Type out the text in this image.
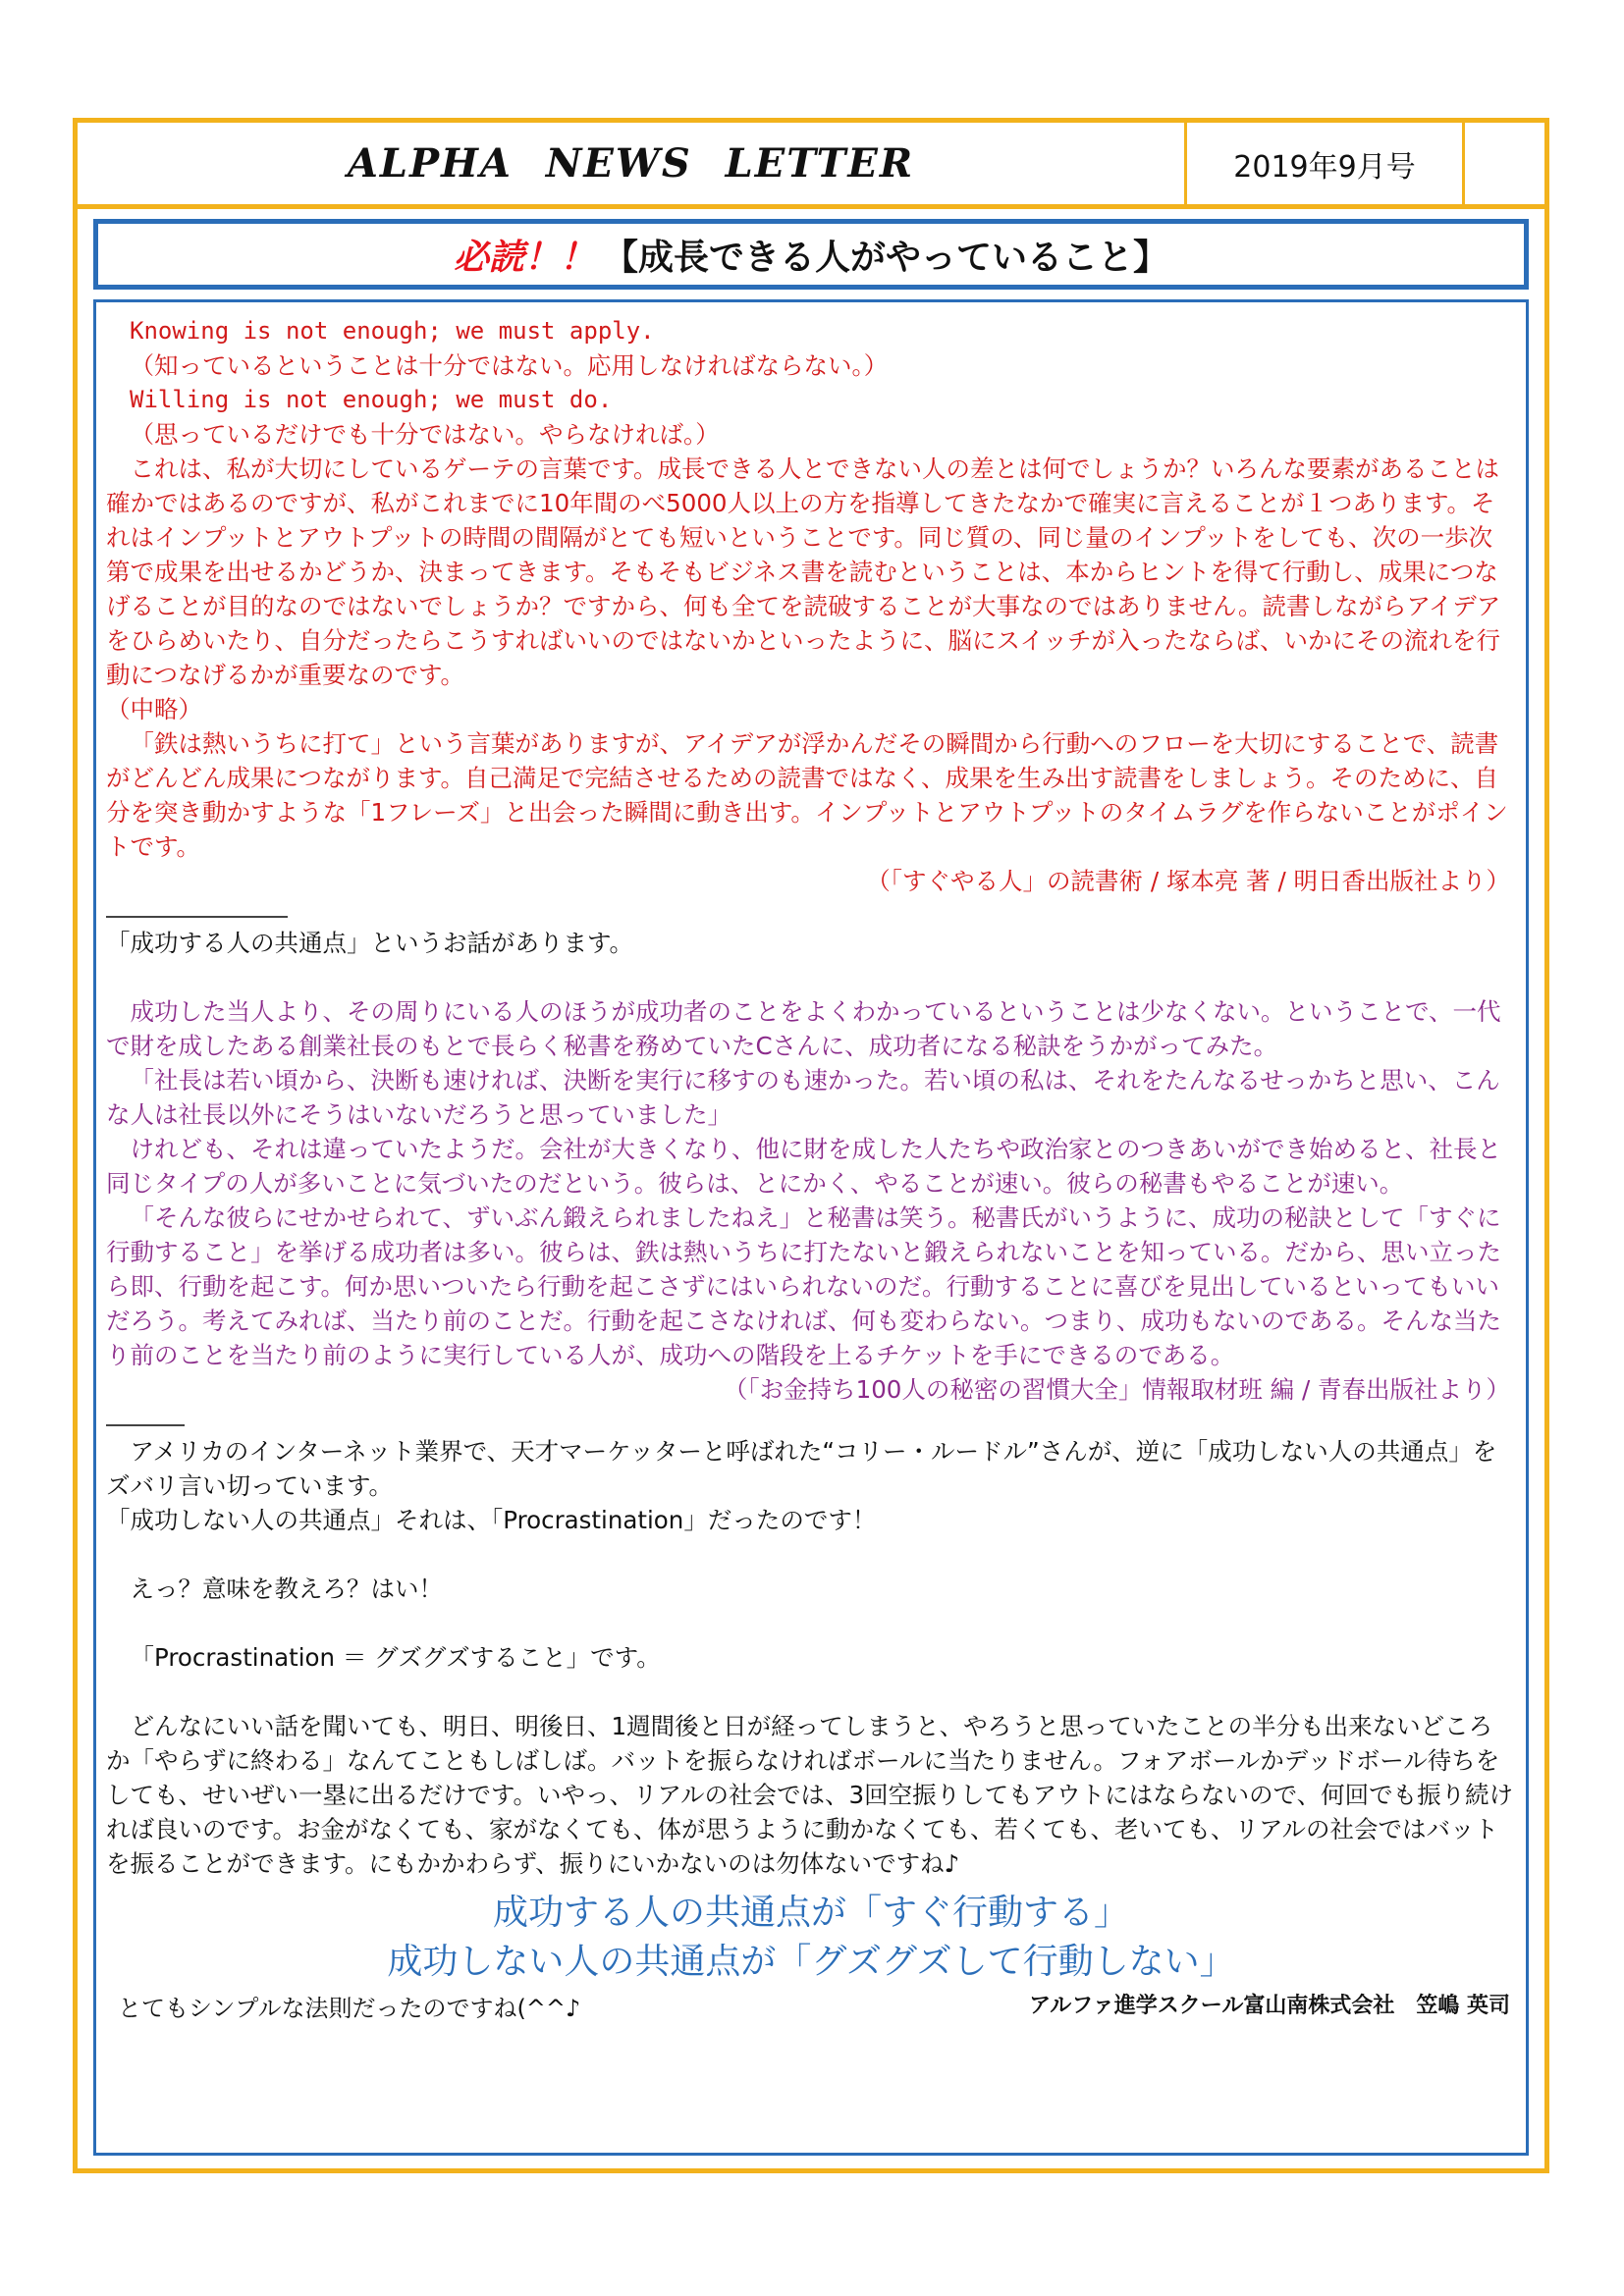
ALPHA NEWS LETTER	2019年9月号
必読！！ 【成長できる人がやっていること】

Knowing is not enough; we must apply.

（知っているということは十分ではない。応用しなければならない。）

Willing is not enough; we must do.

（思っているだけでも十分ではない。やらなければ。）

これは、私が大切にしているゲーテの言葉です。成長できる人とできない人の差とは何でしょうか？いろんな要素があることは確かではあるのですが、私がこれまでに10年間のべ5000人以上の方を指導してきたなかで確実に言えることが１つあります。それはインプットとアウトプットの時間の間隔がとても短いということです。同じ質の、同じ量のインプットをしても、次の一歩次第で成果を出せるかどうか、決まってきます。そもそもビジネス書を読むということは、本からヒントを得て行動し、成果につなげることが目的なのではないでしょうか？ですから、何も全てを読破することが大事なのではありません。読書しながらアイデアをひらめいたり、自分だったらこうすればいいのではないかといったように、脳にスイッチが入ったならば、いかにその流れを行動につなげるかが重要なのです。

（中略）

「鉄は熱いうちに打て」という言葉がありますが、アイデアが浮かんだその瞬間から行動へのフローを大切にすることで、読書がどんどん成果につながります。自己満足で完結させるための読書ではなく、成果を生み出す読書をしましょう。そのために、自分を突き動かすような「1フレーズ」と出会った瞬間に動き出す。インプットとアウトプットのタイムラグを作らないことがポイントです。

（「すぐやる人」の読書術 / 塚本亮 著 / 明日香出版社より）

「成功する人の共通点」というお話があります。

成功した当人より、その周りにいる人のほうが成功者のことをよくわかっているということは少なくない。ということで、一代で財を成したある創業社長のもとで長らく秘書を務めていたCさんに、成功者になる秘訣をうかがってみた。

「社長は若い頃から、決断も速ければ、決断を実行に移すのも速かった。若い頃の私は、それをたんなるせっかちと思い、こんな人は社長以外にそうはいないだろうと思っていました」

けれども、それは違っていたようだ。会社が大きくなり、他に財を成した人たちや政治家とのつきあいができ始めると、社長と同じタイプの人が多いことに気づいたのだという。彼らは、とにかく、やることが速い。彼らの秘書もやることが速い。

「そんな彼らにせかせられて、ずいぶん鍛えられましたねえ」と秘書は笑う。秘書氏がいうように、成功の秘訣として「すぐに行動すること」を挙げる成功者は多い。彼らは、鉄は熱いうちに打たないと鍛えられないことを知っている。だから、思い立ったら即、行動を起こす。何か思いついたら行動を起こさずにはいられないのだ。行動することに喜びを見出しているといってもいいだろう。考えてみれば、当たり前のことだ。行動を起こさなければ、何も変わらない。つまり、成功もないのである。そんな当たり前のことを当たり前のように実行している人が、成功への階段を上るチケットを手にできるのである。

（「お金持ち100人の秘密の習慣大全」情報取材班 編 / 青春出版社より）

アメリカのインターネット業界で、天才マーケッターと呼ばれた“コリー・ルードル”さんが、逆に「成功しない人の共通点」をズバリ言い切っています。

「成功しない人の共通点」それは、「Procrastination」だったのです！

えっ？意味を教えろ？はい！

「Procrastination ＝ グズグズすること」です。

どんなにいい話を聞いても、明日、明後日、1週間後と日が経ってしまうと、やろうと思っていたことの半分も出来ないどころか「やらずに終わる」なんてこともしばしば。バットを振らなければボールに当たりません。フォアボールかデッドボール待ちをしても、せいぜい一塁に出るだけです。いやっ、リアルの社会では、3回空振りしてもアウトにはならないので、何回でも振り続ければ良いのです。お金がなくても、家がなくても、体が思うように動かなくても、若くても、老いても、リアルの社会ではバットを振ることができます。にもかかわらず、振りにいかないのは勿体ないですね♪

成功する人の共通点が「すぐ行動する」

成功しない人の共通点が「グズグズして行動しない」

とてもシンプルな法則だったのですね(^^♪	アルファ進学スクール富山南株式会社　笠嶋 英司
